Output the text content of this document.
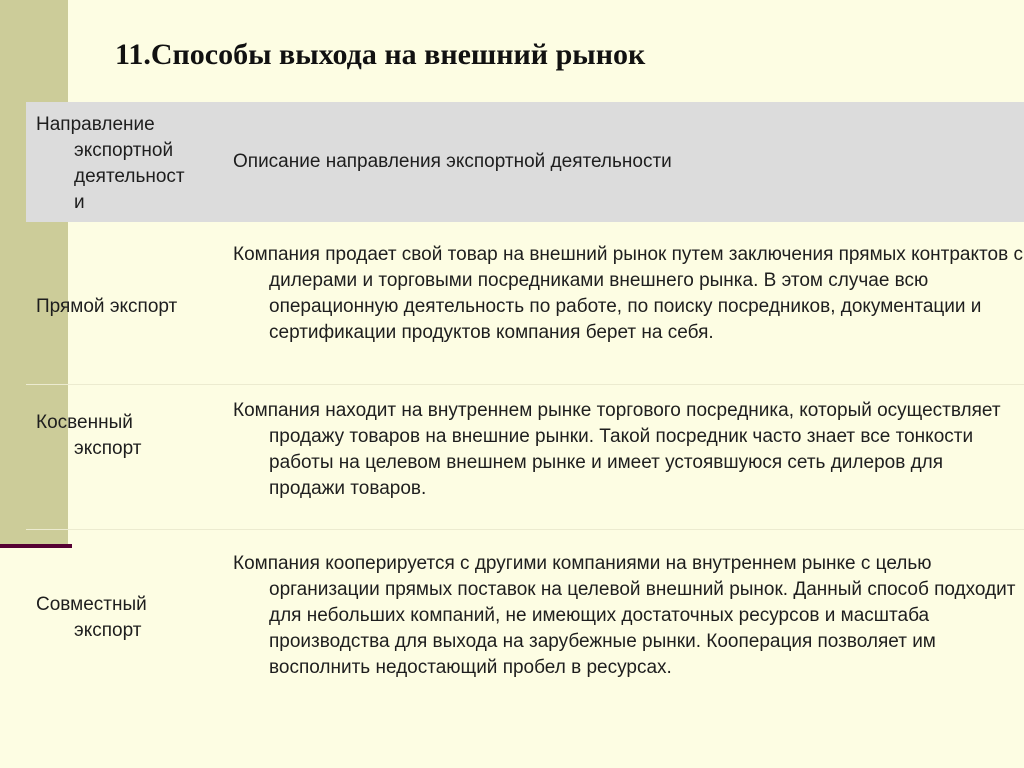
11.Способы выхода на внешний рынок
Направление
экспортной
деятельност
и
Описание направления экспортной деятельности
Прямой экспорт
Компания продает свой товар на внешний рынок путем заключения прямых контрактов с дилерами и торговыми посредниками внешнего рынка. В этом случае всю операционную деятельность по работе, по поиску посредников, документации и сертификации продуктов компания берет на себя.
Косвенный
экспорт
Компания находит на внутреннем рынке торгового посредника, который осуществляет продажу товаров на внешние рынки. Такой посредник часто знает все тонкости работы на целевом внешнем рынке и имеет устоявшуюся сеть дилеров для продажи товаров.
Совместный
экспорт
Компания кооперируется с другими компаниями на внутреннем рынке с целью организации прямых поставок на целевой внешний рынок. Данный способ подходит для небольших компаний, не имеющих достаточных ресурсов и масштаба производства для выхода на зарубежные рынки. Кооперация позволяет им восполнить недостающий пробел в ресурсах.
